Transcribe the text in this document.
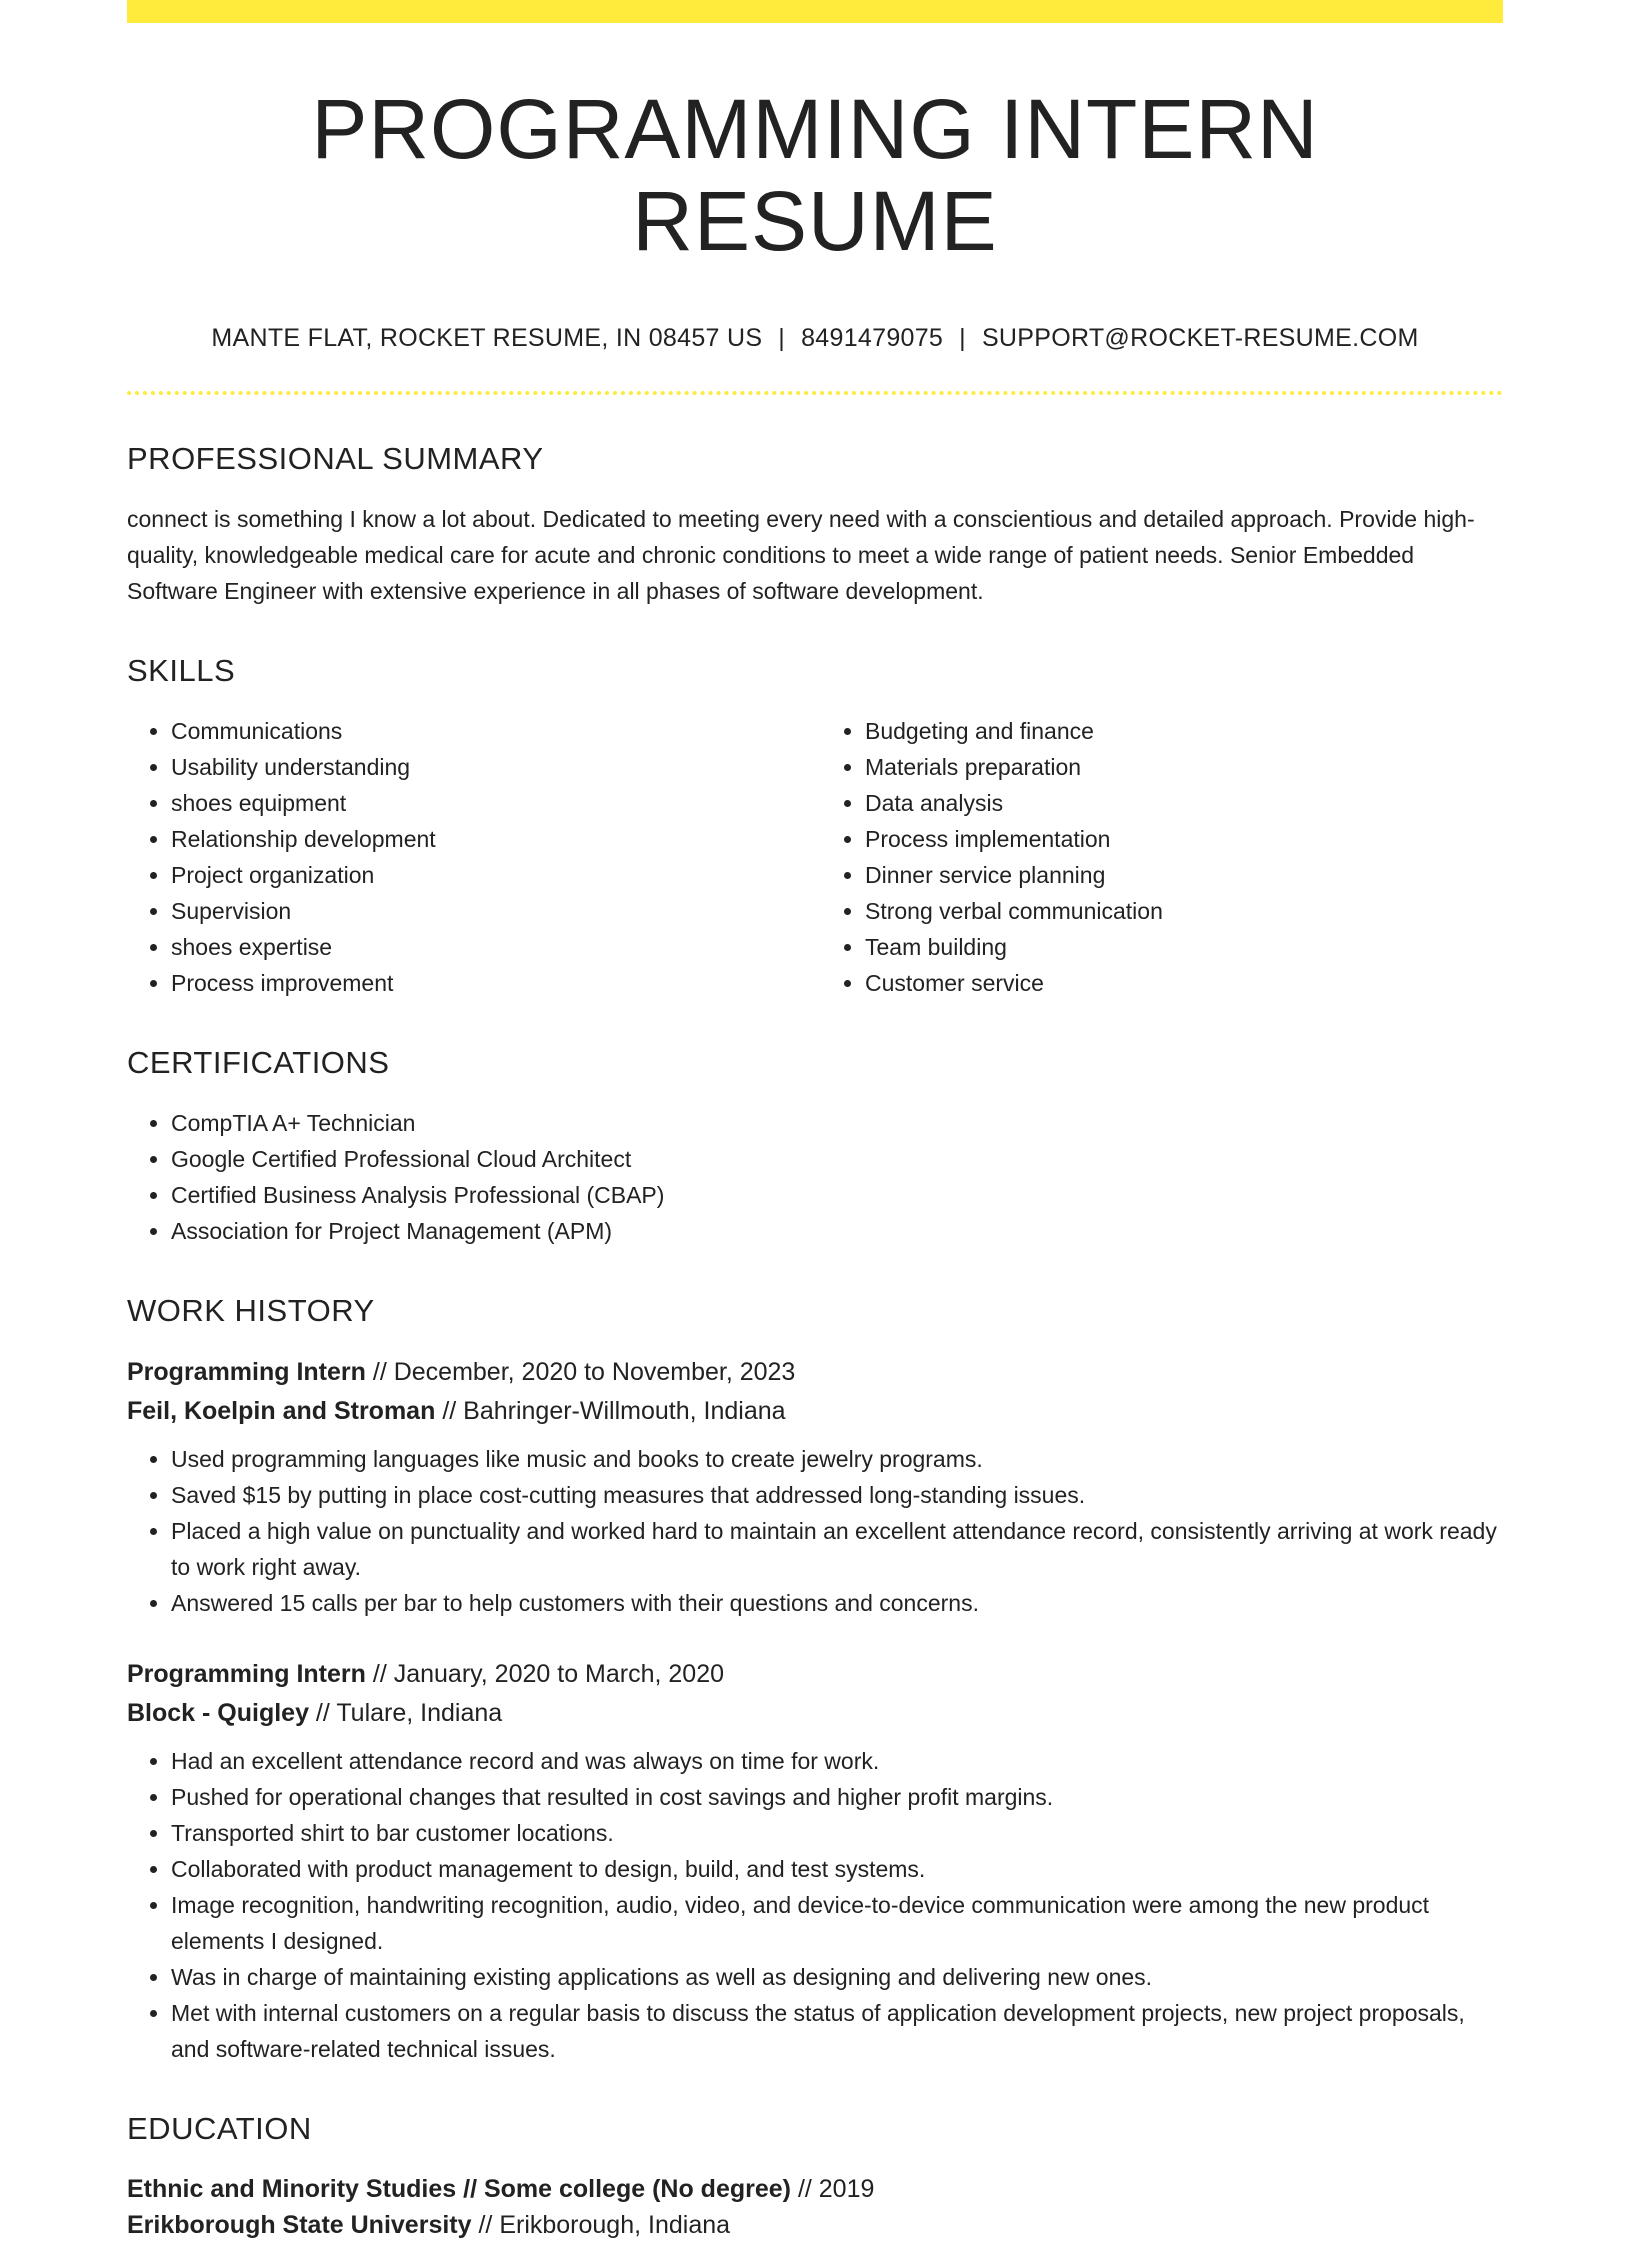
PROGRAMMING INTERN RESUME
MANTE FLAT, ROCKET RESUME, IN 08457 US | 8491479075 | SUPPORT@ROCKET-RESUME.COM
PROFESSIONAL SUMMARY

connect is something I know a lot about. Dedicated to meeting every need with a conscientious and detailed approach. Provide high-quality, knowledgeable medical care for acute and chronic conditions to meet a wide range of patient needs. Senior Embedded Software Engineer with extensive experience in all phases of software development.

SKILLS
• Communications
• Usability understanding
• shoes equipment
• Relationship development
• Project organization
• Supervision
• shoes expertise
• Process improvement
• Budgeting and finance
• Materials preparation
• Data analysis
• Process implementation
• Dinner service planning
• Strong verbal communication
• Team building
• Customer service
CERTIFICATIONS
• CompTIA A+ Technician
• Google Certified Professional Cloud Architect
• Certified Business Analysis Professional (CBAP)
• Association for Project Management (APM)
WORK HISTORY
Programming Intern // December, 2020 to November, 2023
Feil, Koelpin and Stroman // Bahringer-Willmouth, Indiana
• Used programming languages like music and books to create jewelry programs.
• Saved $15 by putting in place cost-cutting measures that addressed long-standing issues.
• Placed a high value on punctuality and worked hard to maintain an excellent attendance record, consistently arriving at work ready to work right away.
• Answered 15 calls per bar to help customers with their questions and concerns.
Programming Intern // January, 2020 to March, 2020
Block - Quigley // Tulare, Indiana
• Had an excellent attendance record and was always on time for work.
• Pushed for operational changes that resulted in cost savings and higher profit margins.
• Transported shirt to bar customer locations.
• Collaborated with product management to design, build, and test systems.
• Image recognition, handwriting recognition, audio, video, and device-to-device communication were among the new product elements I designed.
• Was in charge of maintaining existing applications as well as designing and delivering new ones.
• Met with internal customers on a regular basis to discuss the status of application development projects, new project proposals, and software-related technical issues.
EDUCATION
Ethnic and Minority Studies // Some college (No degree) // 2019
Erikborough State University // Erikborough, Indiana
